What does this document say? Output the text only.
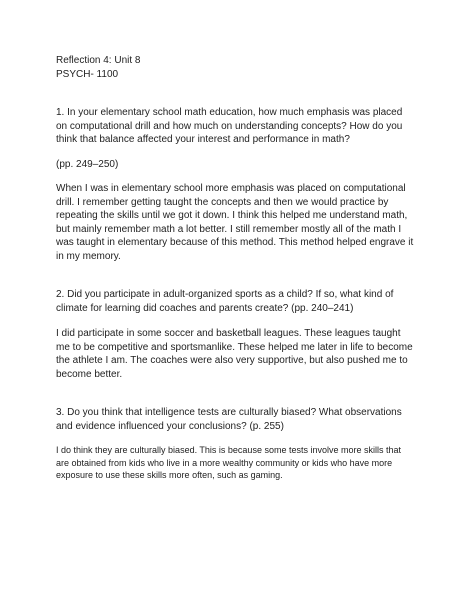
Reflection 4: Unit 8

PSYCH- 1100

1. In your elementary school math education, how much emphasis was placed on computational drill and how much on understanding concepts? How do you think that balance affected your interest and performance in math?

(pp. 249–250)

When I was in elementary school more emphasis was placed on computational drill. I remember getting taught the concepts and then we would practice by repeating the skills until we got it down. I think this helped me understand math, but mainly remember math a lot better. I still remember mostly all of the math I was taught in elementary because of this method. This method helped engrave it in my memory.

2. Did you participate in adult-organized sports as a child? If so, what kind of climate for learning did coaches and parents create? (pp. 240–241)

I did participate in some soccer and basketball leagues. These leagues taught me to be competitive and sportsmanlike. These helped me later in life to become the athlete I am. The coaches were also very supportive, but also pushed me to become better.

3. Do you think that intelligence tests are culturally biased? What observations and evidence influenced your conclusions? (p. 255)

I do think they are culturally biased. This is because some tests involve more skills that are obtained from kids who live in a more wealthy community or kids who have more exposure to use these skills more often, such as gaming.
